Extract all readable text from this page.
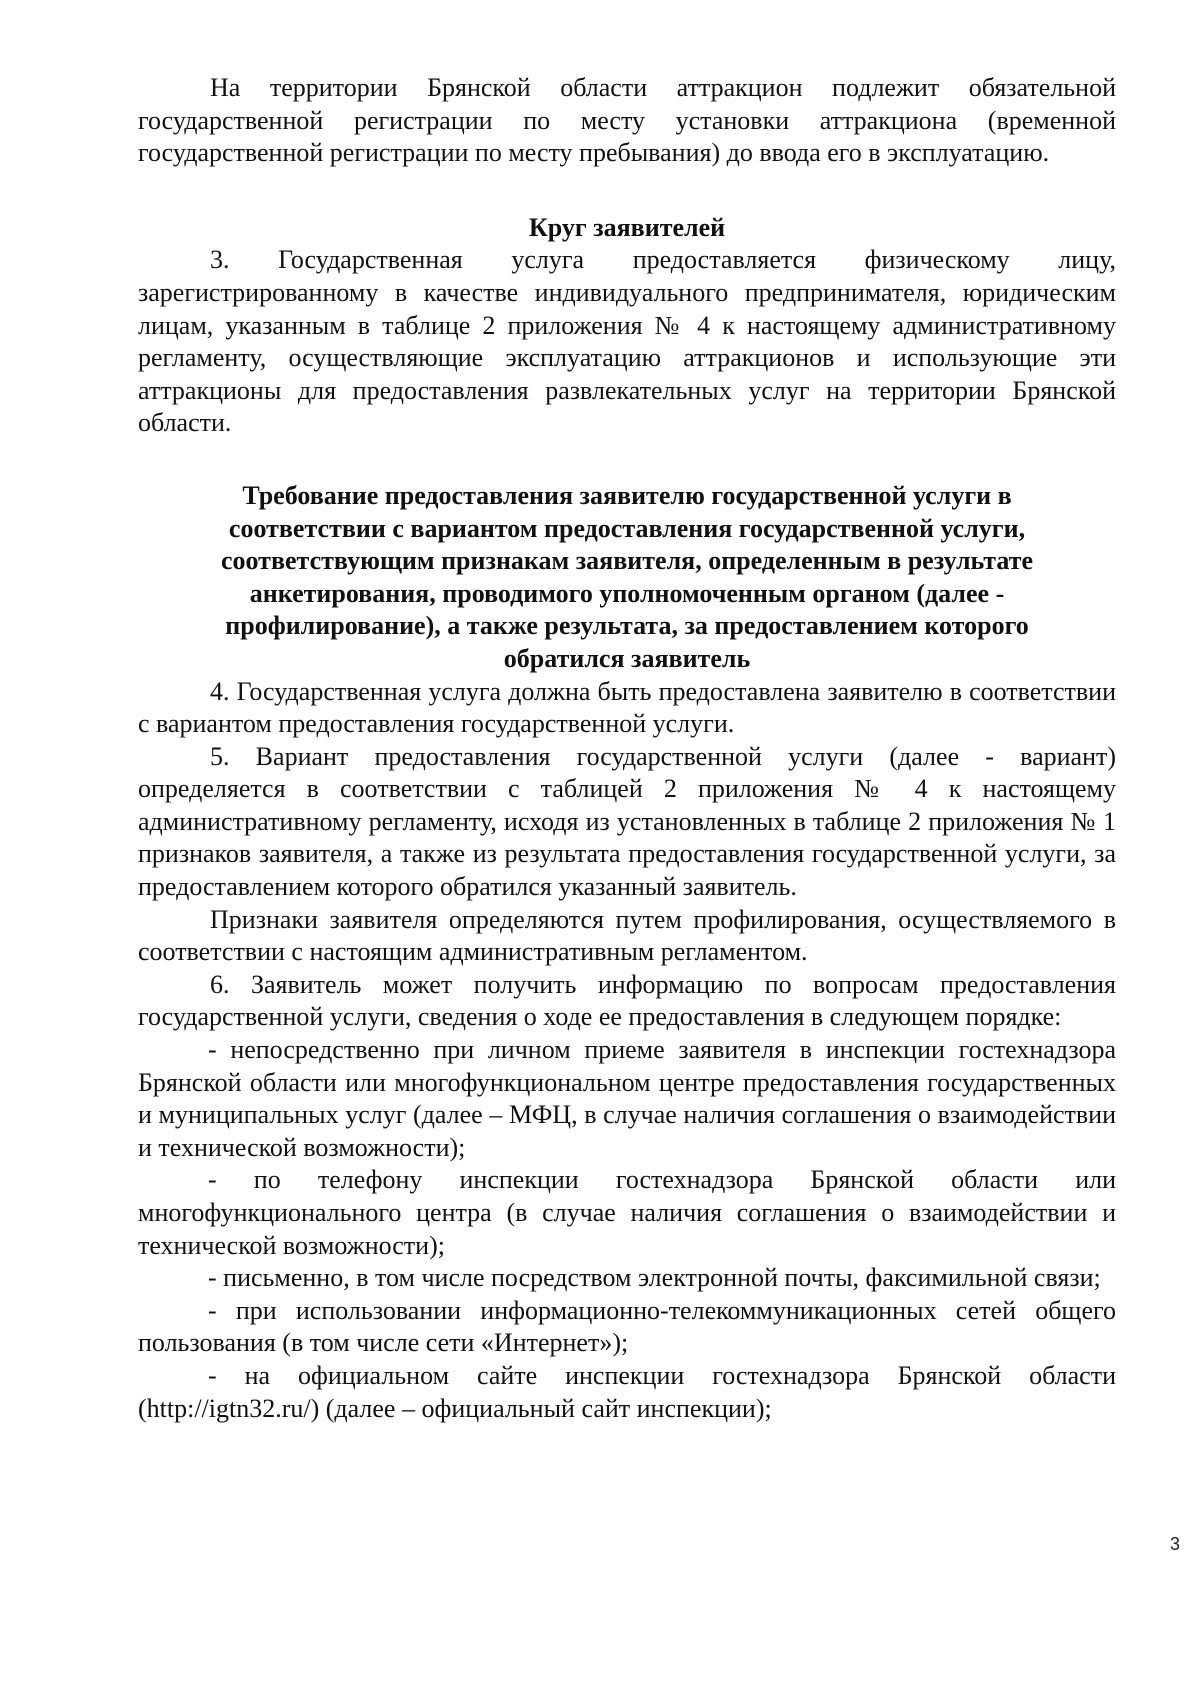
На территории Брянской области аттракцион подлежит обязательной государственной регистрации по месту установки аттракциона (временной государственной регистрации по месту пребывания) до ввода его в эксплуатацию.

Круг заявителей

3. Государственная услуга предоставляется физическому лицу, зарегистрированному в качестве индивидуального предпринимателя, юридическим лицам, указанным в таблице 2 приложения № 4 к настоящему административному регламенту, осуществляющие эксплуатацию аттракционов и использующие эти аттракционы для предоставления развлекательных услуг на территории Брянской области.

Требование предоставления заявителю государственной услуги в

соответствии с вариантом предоставления государственной услуги,

соответствующим признакам заявителя, определенным в результате

анкетирования, проводимого уполномоченным органом (далее -

профилирование), а также результата, за предоставлением которого

обратился заявитель

4. Государственная услуга должна быть предоставлена заявителю в соответствии с вариантом предоставления государственной услуги.

5. Вариант предоставления государственной услуги (далее - вариант) определяется в соответствии с таблицей 2 приложения № 4 к настоящему административному регламенту, исходя из установленных в таблице 2 приложения № 1 признаков заявителя, а также из результата предоставления государственной услуги, за предоставлением которого обратился указанный заявитель.

Признаки заявителя определяются путем профилирования, осуществляемого в соответствии с настоящим административным регламентом.

6. Заявитель может получить информацию по вопросам предоставления государственной услуги, сведения о ходе ее предоставления в следующем порядке:

- непосредственно при личном приеме заявителя в инспекции гостехнадзора Брянской области или многофункциональном центре предоставления государственных и муниципальных услуг (далее – МФЦ, в случае наличия соглашения о взаимодействии и технической возможности);

- по телефону инспекции гостехнадзора Брянской области или многофункционального центра (в случае наличия соглашения о взаимодействии и технической возможности);

- письменно, в том числе посредством электронной почты, факсимильной связи;

- при использовании информационно-телекоммуникационных сетей общего пользования (в том числе сети «Интернет»);

- на официальном сайте инспекции гостехнадзора Брянской области (http://igtn32.ru/) (далее – официальный сайт инспекции);

3
